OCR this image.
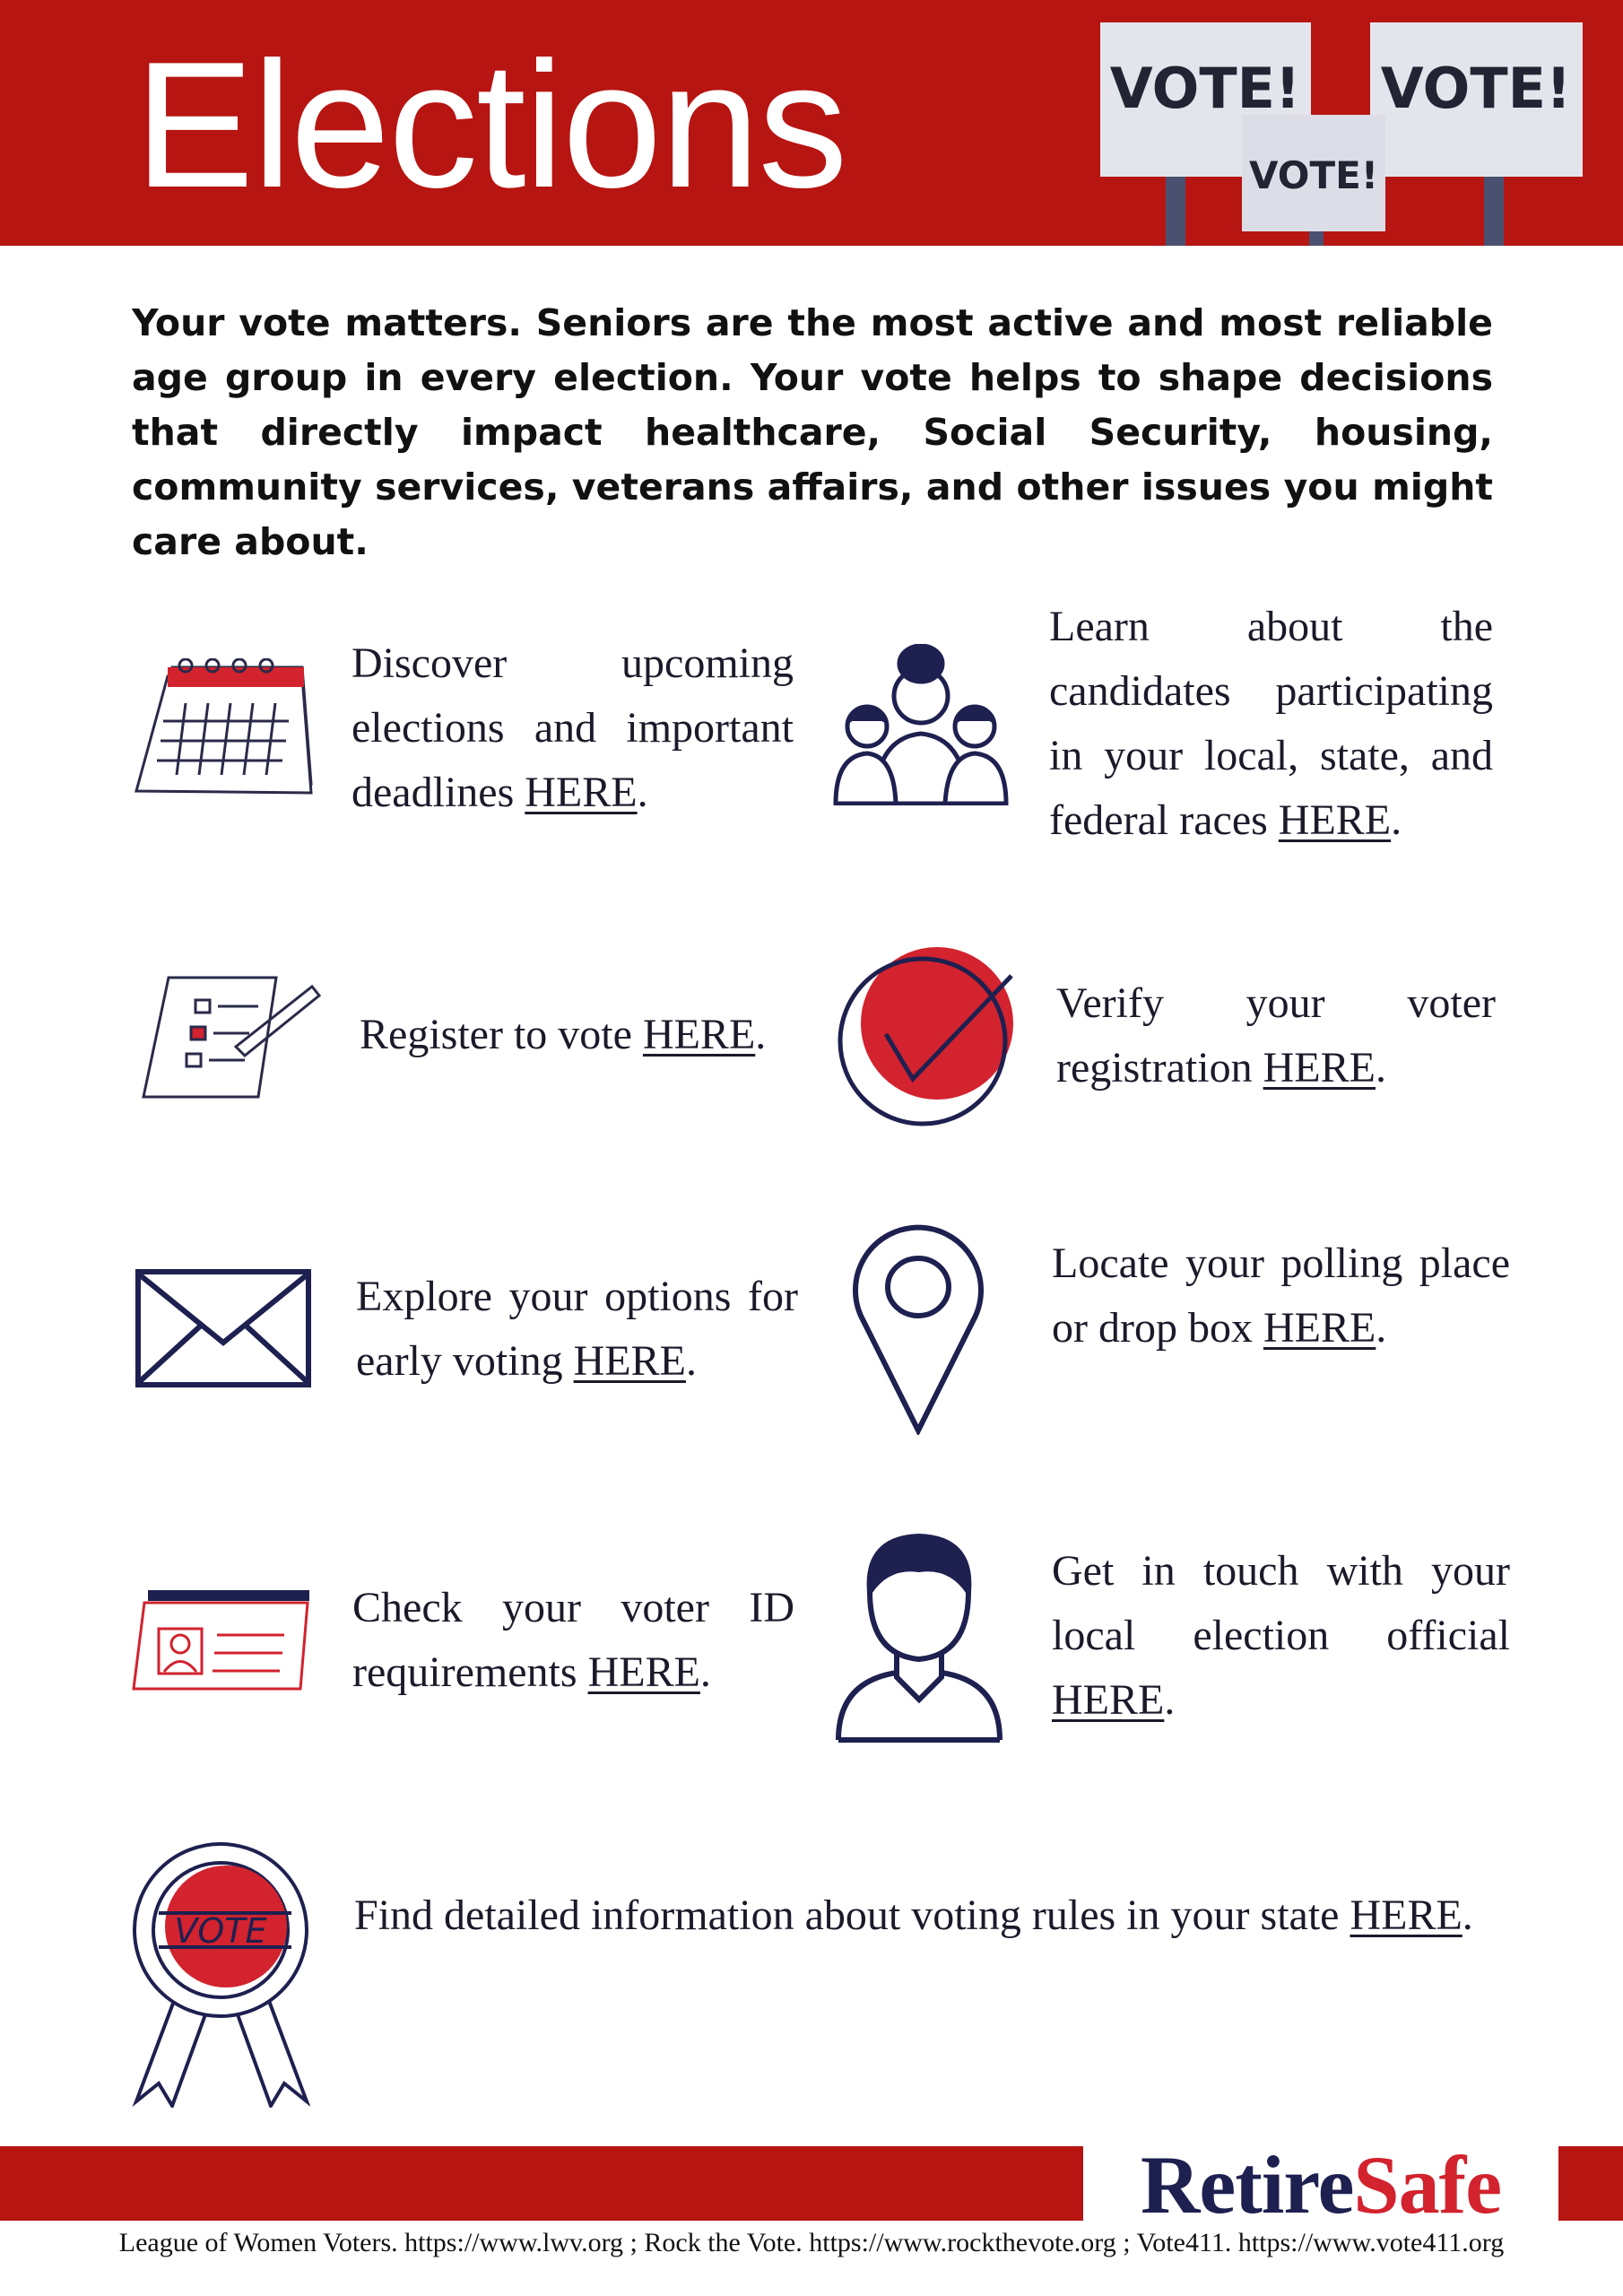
Elections	VOTE! VOTE!
VOTE!
Your vote matters. Seniors are the most active and most reliable age group in every election. Your vote helps to shape decisions that directly impact healthcare, Social Security, housing, community services, veterans affairs, and other issues you might care about.
Discover upcoming elections and important deadlines HERE.
Learn about the candidates participating in your local, state, and federal races HERE.
Register to vote HERE.
Verify your voter registration HERE.
Explore your options for early voting HERE.
Locate your polling place or drop box HERE.
Check your voter ID requirements HERE.
Get in touch with your local election official HERE.
VOTE Find detailed information about voting rules in your state HERE.
RetireSafe
League of Women Voters. https://www.lwv.org ; Rock the Vote. https://www.rockthevote.org ; Vote411. https://www.vote411.org
